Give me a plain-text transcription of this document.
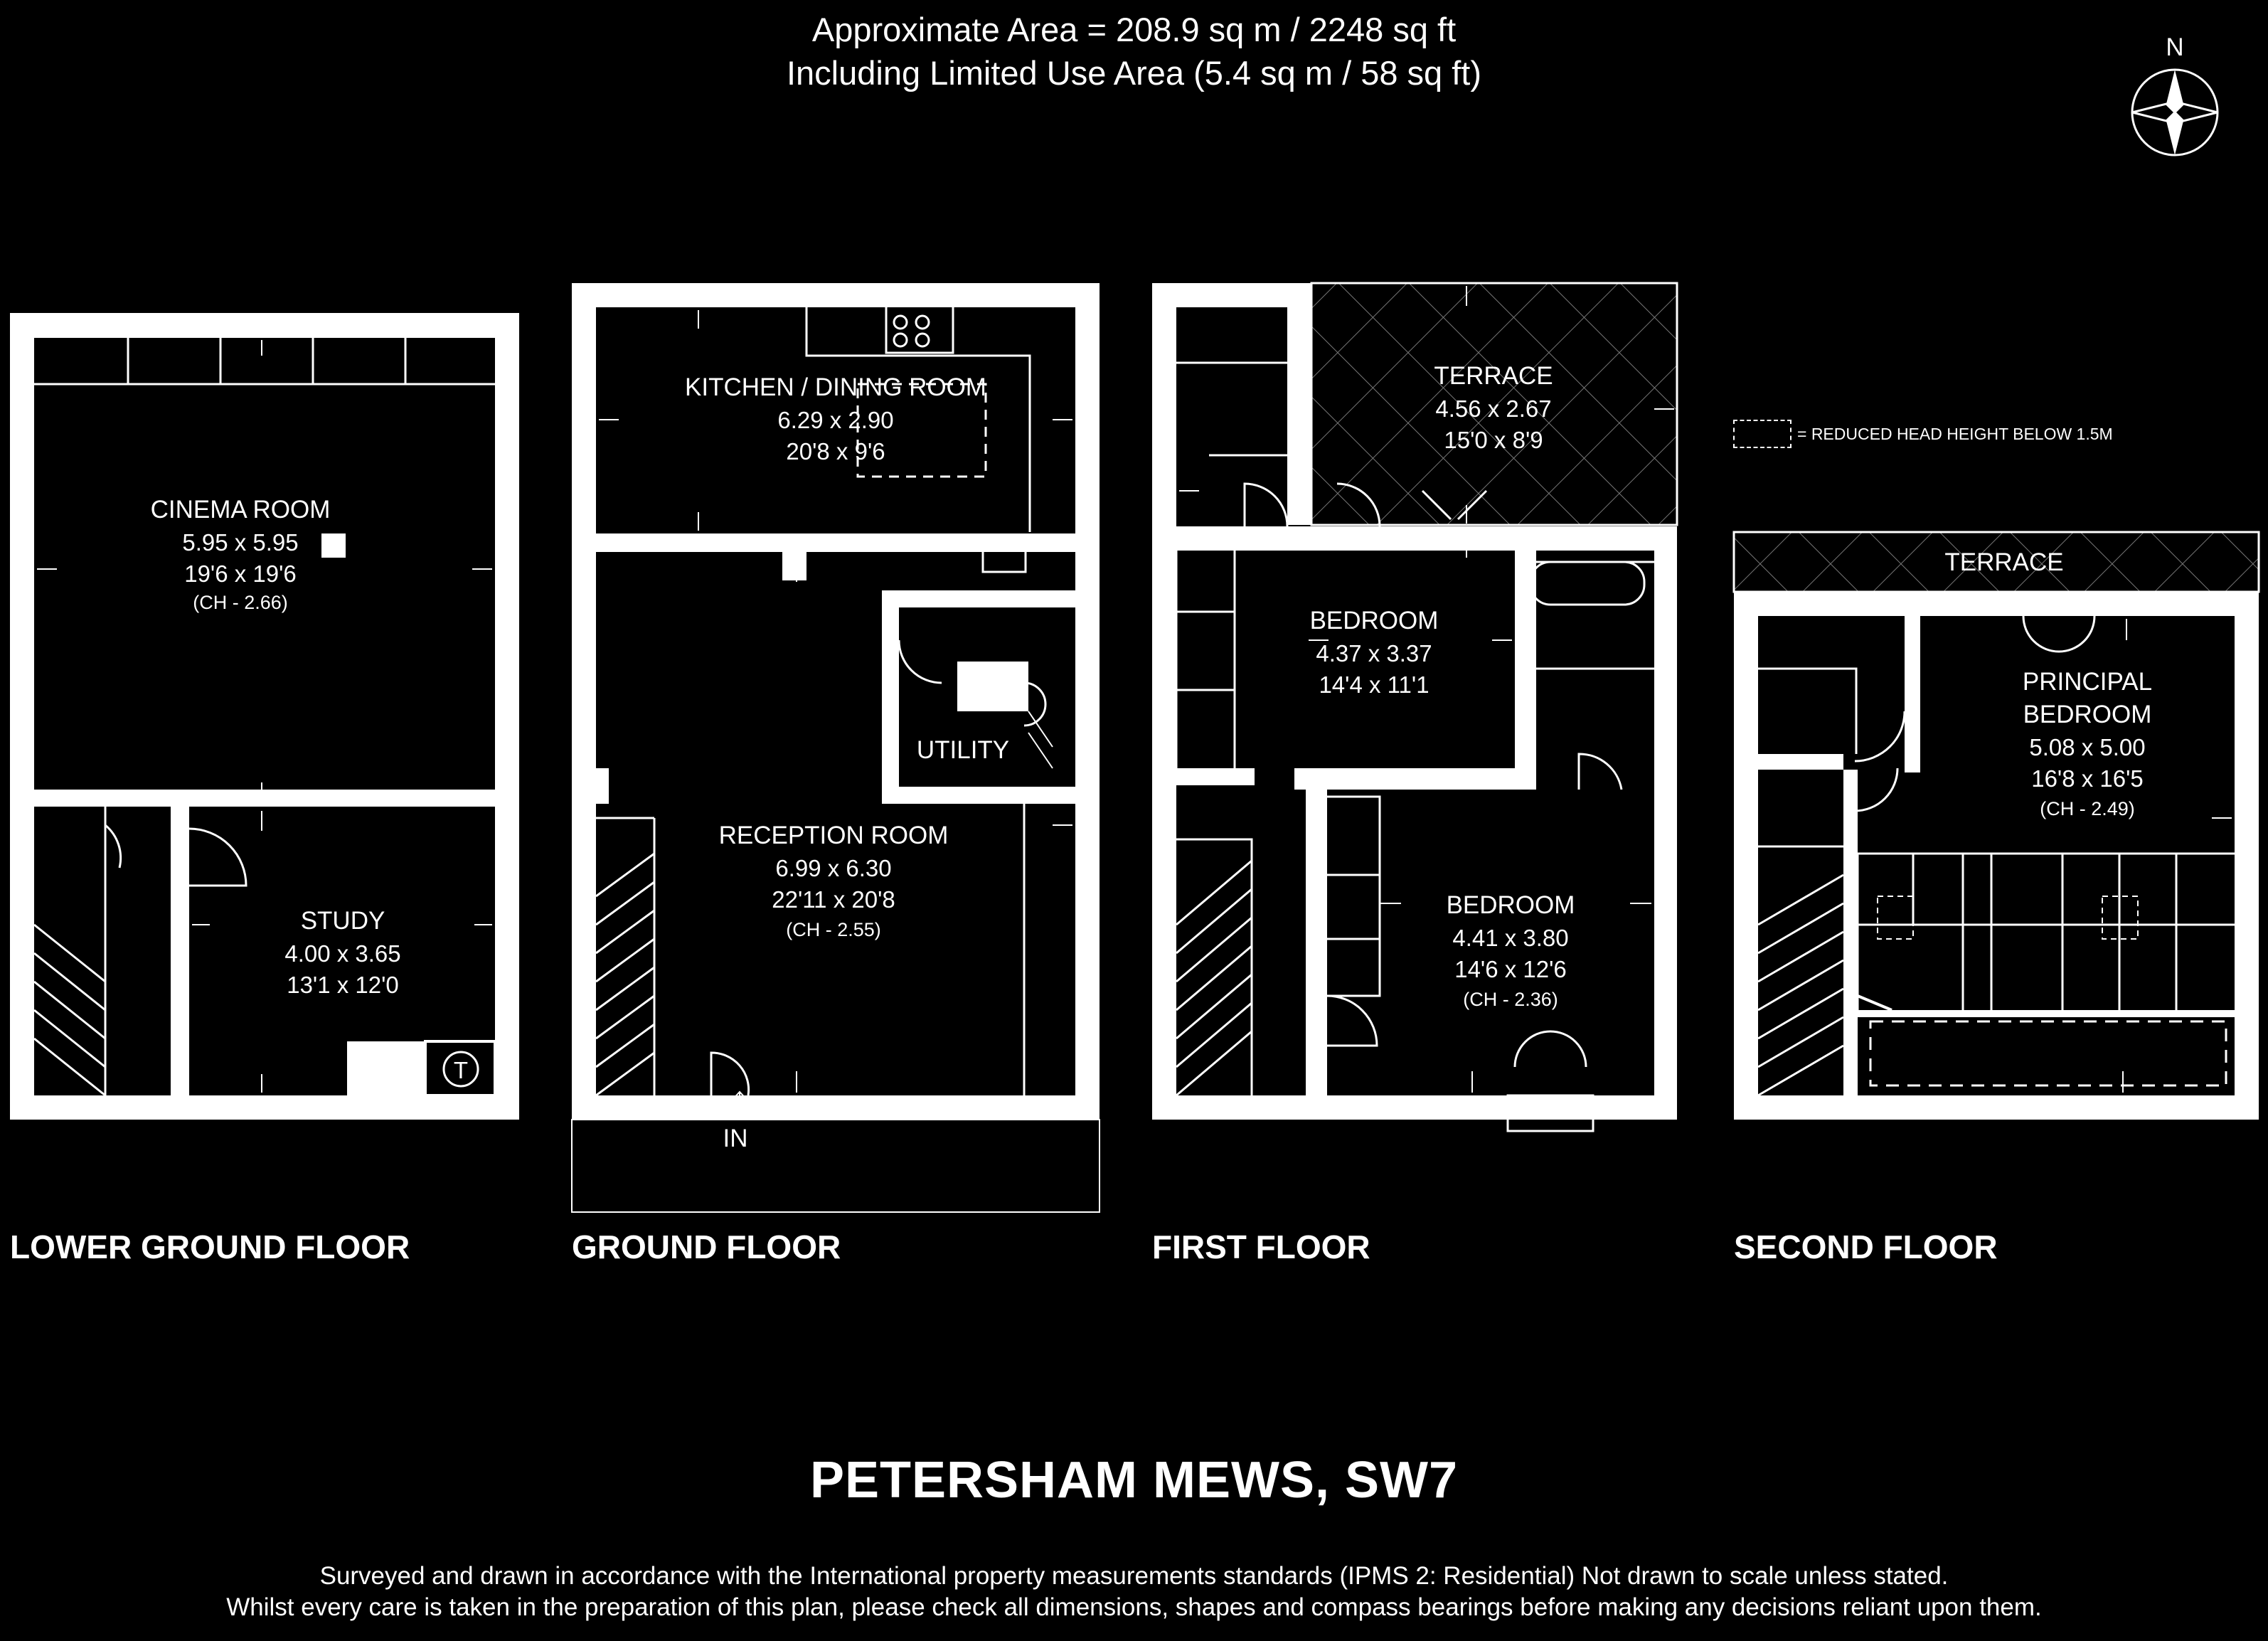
Approximate Area = 208.9 sq m / 2248 sq ft
Including Limited Use Area (5.4 sq m / 58 sq ft)
= REDUCED HEAD HEIGHT BELOW 1.5M
N
T
CINEMA ROOM
5.95 x 5.95
19'6 x 19'6
(CH - 2.66)
STUDY
4.00 x 3.65
13'1 x 12'0
KITCHEN / DINING ROOM
6.29 x 2.90
20'8 x 9'6
UTILITY
RECEPTION ROOM
6.99 x 6.30
22'11 x 20'8
(CH - 2.55)
IN
TERRACE
4.56 x 2.67
15'0 x 8'9
BEDROOM
4.37 x 3.37
14'4 x 11'1
BEDROOM
4.41 x 3.80
14'6 x 12'6
(CH - 2.36)
TERRACE
PRINCIPAL
BEDROOM
5.08 x 5.00
16'8 x 16'5
(CH - 2.49)
LOWER GROUND FLOOR	GROUND FLOOR	FIRST FLOOR	SECOND FLOOR
PETERSHAM MEWS, SW7
Surveyed and drawn in accordance with the International property measurements standards (IPMS 2: Residential) Not drawn to scale unless stated.
Whilst every care is taken in the preparation of this plan, please check all dimensions, shapes and compass bearings before making any decisions reliant upon them.
